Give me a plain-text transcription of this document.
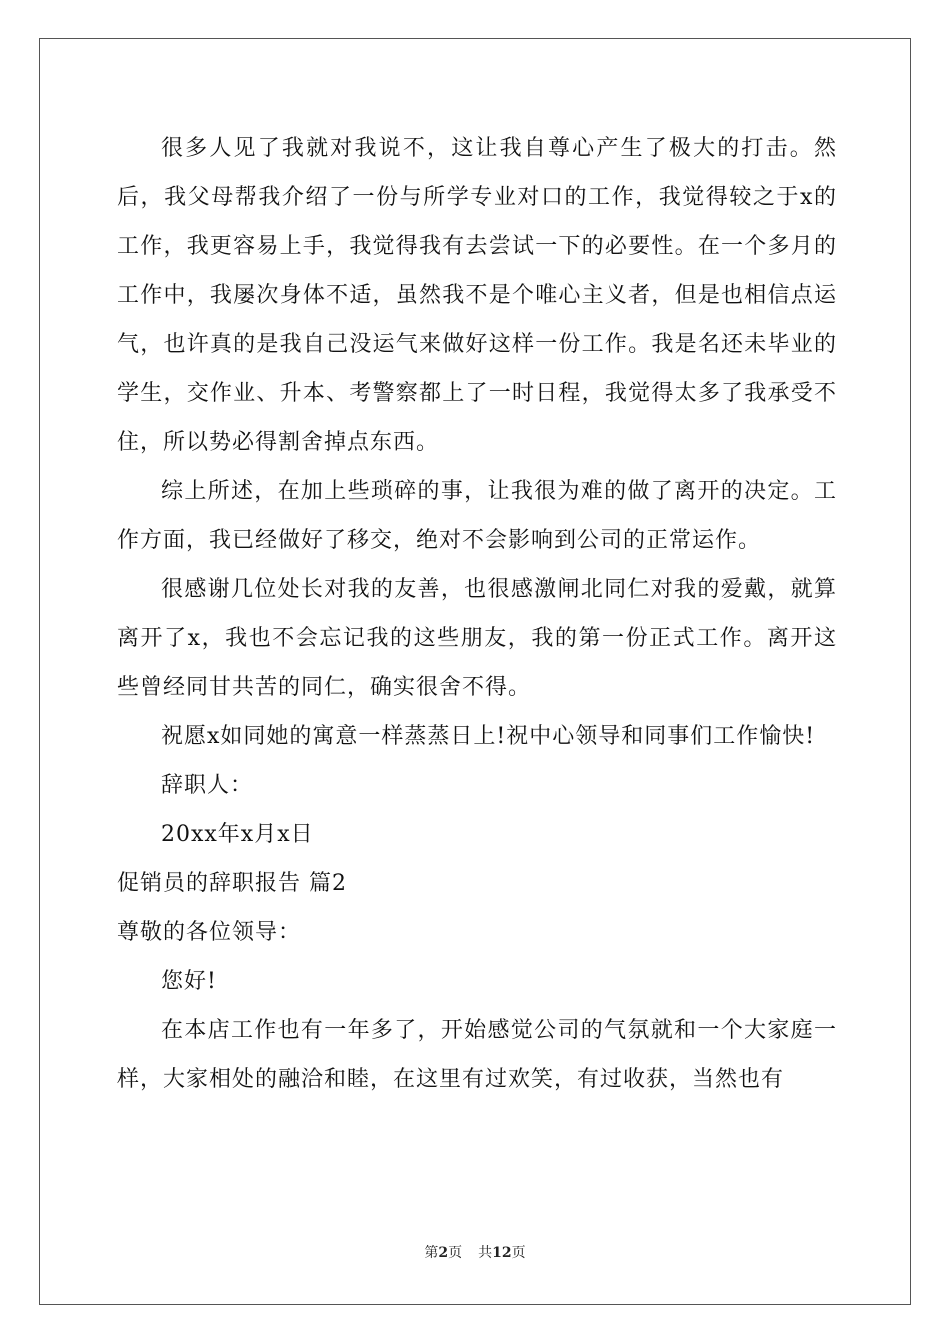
很多人见了我就对我说不，这让我自尊心产生了极大的打击。然后，我父母帮我介绍了一份与所学专业对口的工作，我觉得较之于x的工作，我更容易上手，我觉得我有去尝试一下的必要性。在一个多月的工作中，我屡次身体不适，虽然我不是个唯心主义者，但是也相信点运气，也许真的是我自己没运气来做好这样一份工作。我是名还未毕业的学生，交作业、升本、考警察都上了一时日程，我觉得太多了我承受不住，所以势必得割舍掉点东西。

综上所述，在加上些琐碎的事，让我很为难的做了离开的决定。工作方面，我已经做好了移交，绝对不会影响到公司的正常运作。

很感谢几位处长对我的友善，也很感激闸北同仁对我的爱戴，就算离开了x，我也不会忘记我的这些朋友，我的第一份正式工作。离开这些曾经同甘共苦的同仁，确实很舍不得。

祝愿x如同她的寓意一样蒸蒸日上!祝中心领导和同事们工作愉快!

辞职人：

20xx年x月x日

促销员的辞职报告 篇2

尊敬的各位领导：

您好!

在本店工作也有一年多了，开始感觉公司的气氛就和一个大家庭一样，大家相处的融洽和睦，在这里有过欢笑，有过收获，当然也有

第2页 共12页
